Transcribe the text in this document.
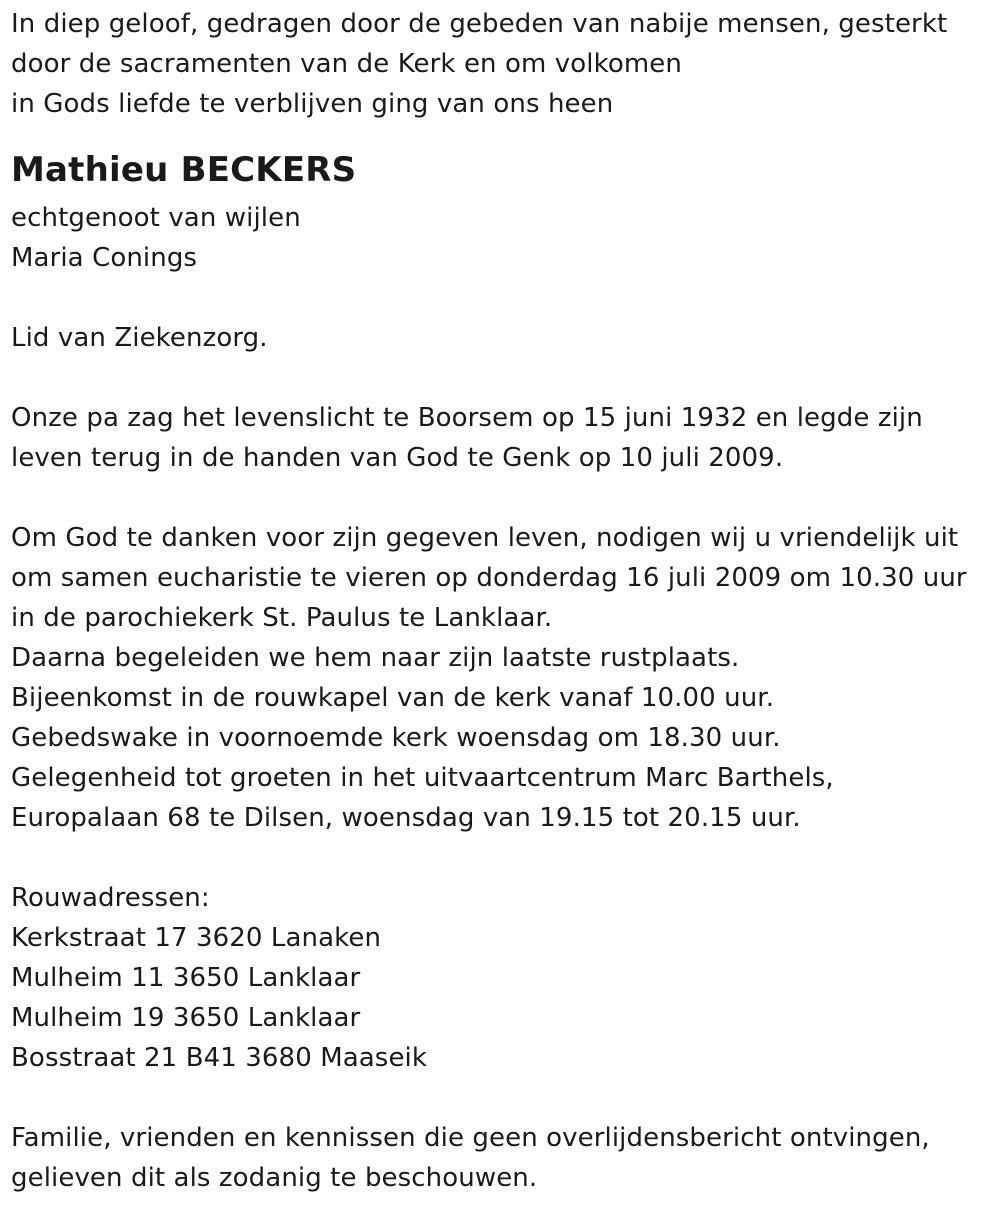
In diep geloof, gedragen door de gebeden van nabije mensen, gesterkt
door de sacramenten van de Kerk en om volkomen
in Gods liefde te verblijven ging van ons heen
Mathieu BECKERS
echtgenoot van wijlen
Maria Conings
Lid van Ziekenzorg.
Onze pa zag het levenslicht te Boorsem op 15 juni 1932 en legde zijn
leven terug in de handen van God te Genk op 10 juli 2009.
Om God te danken voor zijn gegeven leven, nodigen wij u vriendelijk uit
om samen eucharistie te vieren op donderdag 16 juli 2009 om 10.30 uur
in de parochiekerk St. Paulus te Lanklaar.
Daarna begeleiden we hem naar zijn laatste rustplaats.
Bijeenkomst in de rouwkapel van de kerk vanaf 10.00 uur.
Gebedswake in voornoemde kerk woensdag om 18.30 uur.
Gelegenheid tot groeten in het uitvaartcentrum Marc Barthels,
Europalaan 68 te Dilsen, woensdag van 19.15 tot 20.15 uur.
Rouwadressen:
Kerkstraat 17 3620 Lanaken
Mulheim 11 3650 Lanklaar
Mulheim 19 3650 Lanklaar
Bosstraat 21 B41 3680 Maaseik
Familie, vrienden en kennissen die geen overlijdensbericht ontvingen,
gelieven dit als zodanig te beschouwen.
